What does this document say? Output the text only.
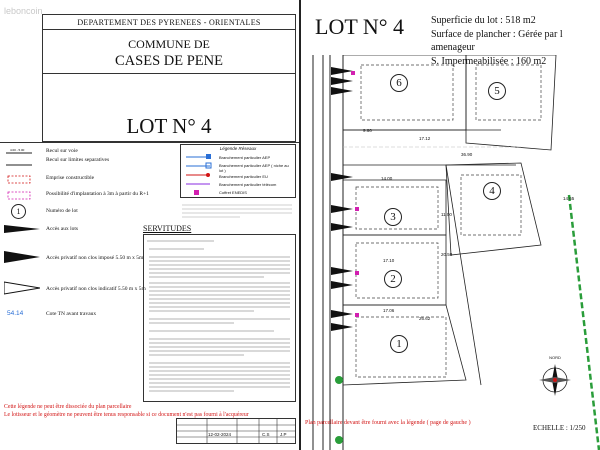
leboncoin
DEPARTEMENT DES PYRENEES - ORIENTALES
COMMUNE DE
CASES DE PENE
LOT N° 4
4.00 - 5.00	Recul sur voie
Recul sur limites separatives
Emprise constructible
Possibilité d'implantation à 3m à partir du R+1
1	Numéro de lot
Accès aux lots
Accès privatif non clos imposé 5.50 m x 5m
Accès privatif non clos indicatif 5.50 m x 5m
54.14	Cote TN avant travaux
Légende Réseaux
Branchement particulier AEP
Branchement particulier AEP ( niche au lot )
Branchement particulier EU
Branchement particulier télécom
Coffret ENEDIS
SERVITUDES
Cette légende ne peut être dissociée du plan parcellaire
Le lotisseur et le géomètre ne peuvent être tenus responsable si ce document n'est pas fourni à l'acquéreur
12-02-2024	C.S J.P
LOT N° 4	Superficie du lot : 518 m2
Surface de plancher : Gérée par l amenageur
S. Impermeabilisée : 160 m2
6
5
4
3
2
1
9.66
17.12
36.90
14.00
11.00
20.50
17.10
17.06
26.62
14.65
NORD
Plan parcellaire devant être fourni avec la légende ( page de gauche )
ECHELLE : 1/250
